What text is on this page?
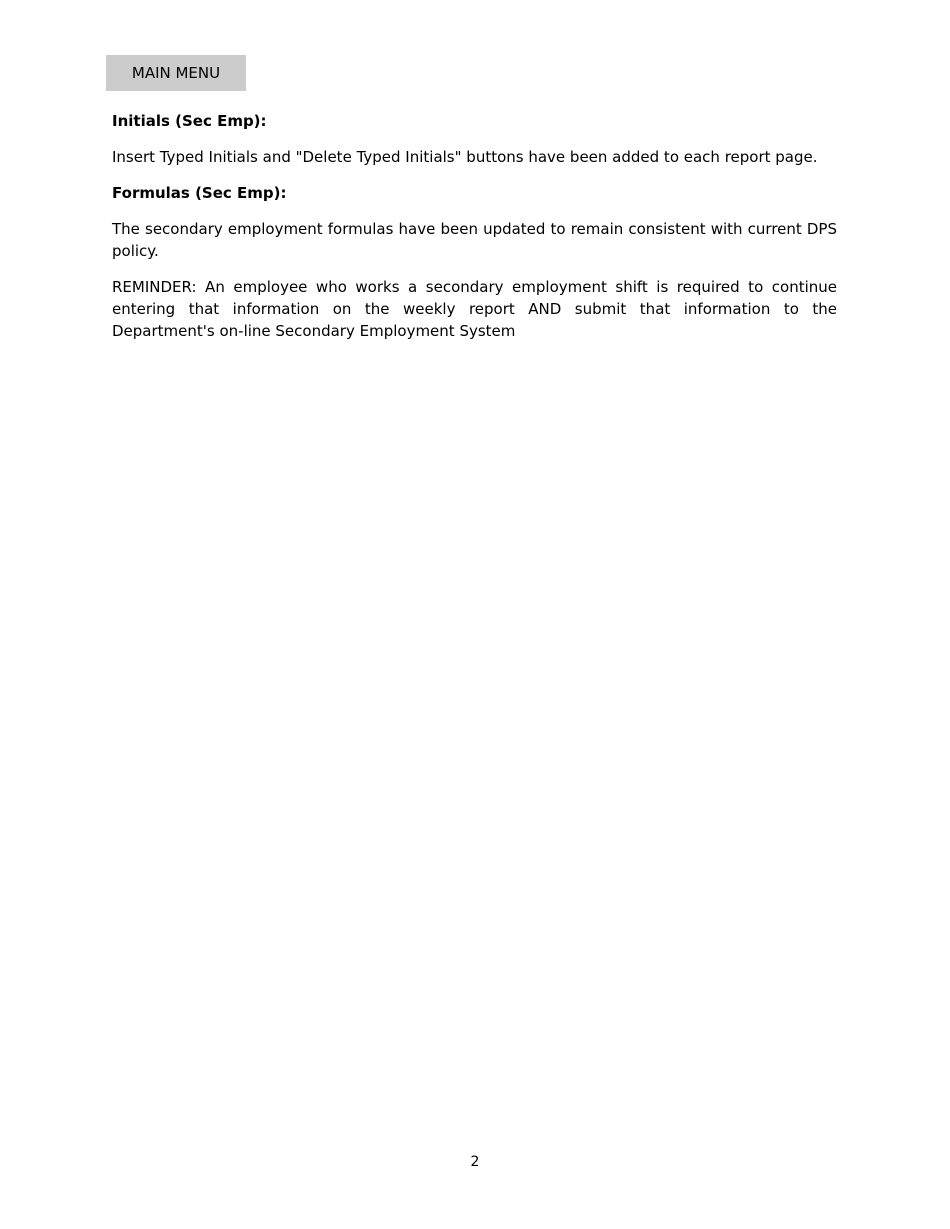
MAIN MENU

Initials (Sec Emp):

Insert Typed Initials and "Delete Typed Initials" buttons have been added to each report page.

Formulas (Sec Emp):

The secondary employment formulas have been updated to remain consistent with current DPS policy.

REMINDER: An employee who works a secondary employment shift is required to continue entering that information on the weekly report AND submit that information to the Department's on-line Secondary Employment System

2
